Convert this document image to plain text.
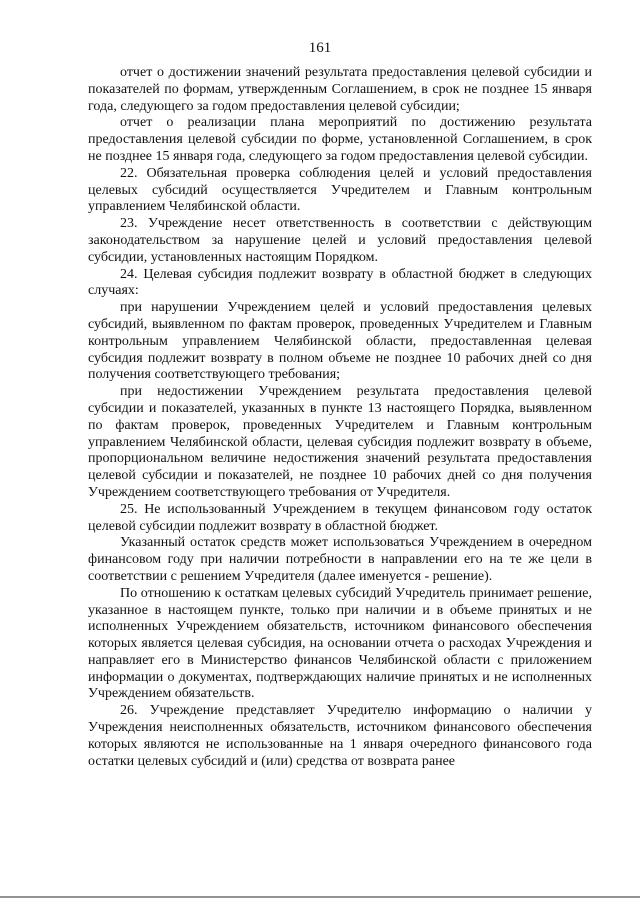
161

отчет о достижении значений результата предоставления целевой субсидии и показателей по формам, утвержденным Соглашением, в срок не позднее 15 января года, следующего за годом предоставления целевой субсидии;

отчет о реализации плана мероприятий по достижению результата предоставления целевой субсидии по форме, установленной Соглашением, в срок не позднее 15 января года, следующего за годом предоставления целевой субсидии.

22. Обязательная проверка соблюдения целей и условий предоставления целевых субсидий осуществляется Учредителем и Главным контрольным управлением Челябинской области.

23. Учреждение несет ответственность в соответствии с действующим законодательством за нарушение целей и условий предоставления целевой субсидии, установленных настоящим Порядком.

24. Целевая субсидия подлежит возврату в областной бюджет в следующих случаях:

при нарушении Учреждением целей и условий предоставления целевых субсидий, выявленном по фактам проверок, проведенных Учредителем и Главным контрольным управлением Челябинской области, предоставленная целевая субсидия подлежит возврату в полном объеме не позднее 10 рабочих дней со дня получения соответствующего требования;

при недостижении Учреждением результата предоставления целевой субсидии и показателей, указанных в пункте 13 настоящего Порядка, выявленном по фактам проверок, проведенных Учредителем и Главным контрольным управлением Челябинской области, целевая субсидия подлежит возврату в объеме, пропорциональном величине недостижения значений результата предоставления целевой субсидии и показателей, не позднее 10 рабочих дней со дня получения Учреждением соответствующего требования от Учредителя.

25. Не использованный Учреждением в текущем финансовом году остаток целевой субсидии подлежит возврату в областной бюджет.

Указанный остаток средств может использоваться Учреждением в очередном финансовом году при наличии потребности в направлении его на те же цели в соответствии с решением Учредителя (далее именуется - решение).

По отношению к остаткам целевых субсидий Учредитель принимает решение, указанное в настоящем пункте, только при наличии и в объеме принятых и не исполненных Учреждением обязательств, источником финансового обеспечения которых является целевая субсидия, на основании отчета о расходах Учреждения и направляет его в Министерство финансов Челябинской области с приложением информации о документах, подтверждающих наличие принятых и не исполненных Учреждением обязательств.

26. Учреждение представляет Учредителю информацию о наличии у Учреждения неисполненных обязательств, источником финансового обеспечения которых являются не использованные на 1 января очередного финансового года остатки целевых субсидий и (или) средства от возврата ранее
